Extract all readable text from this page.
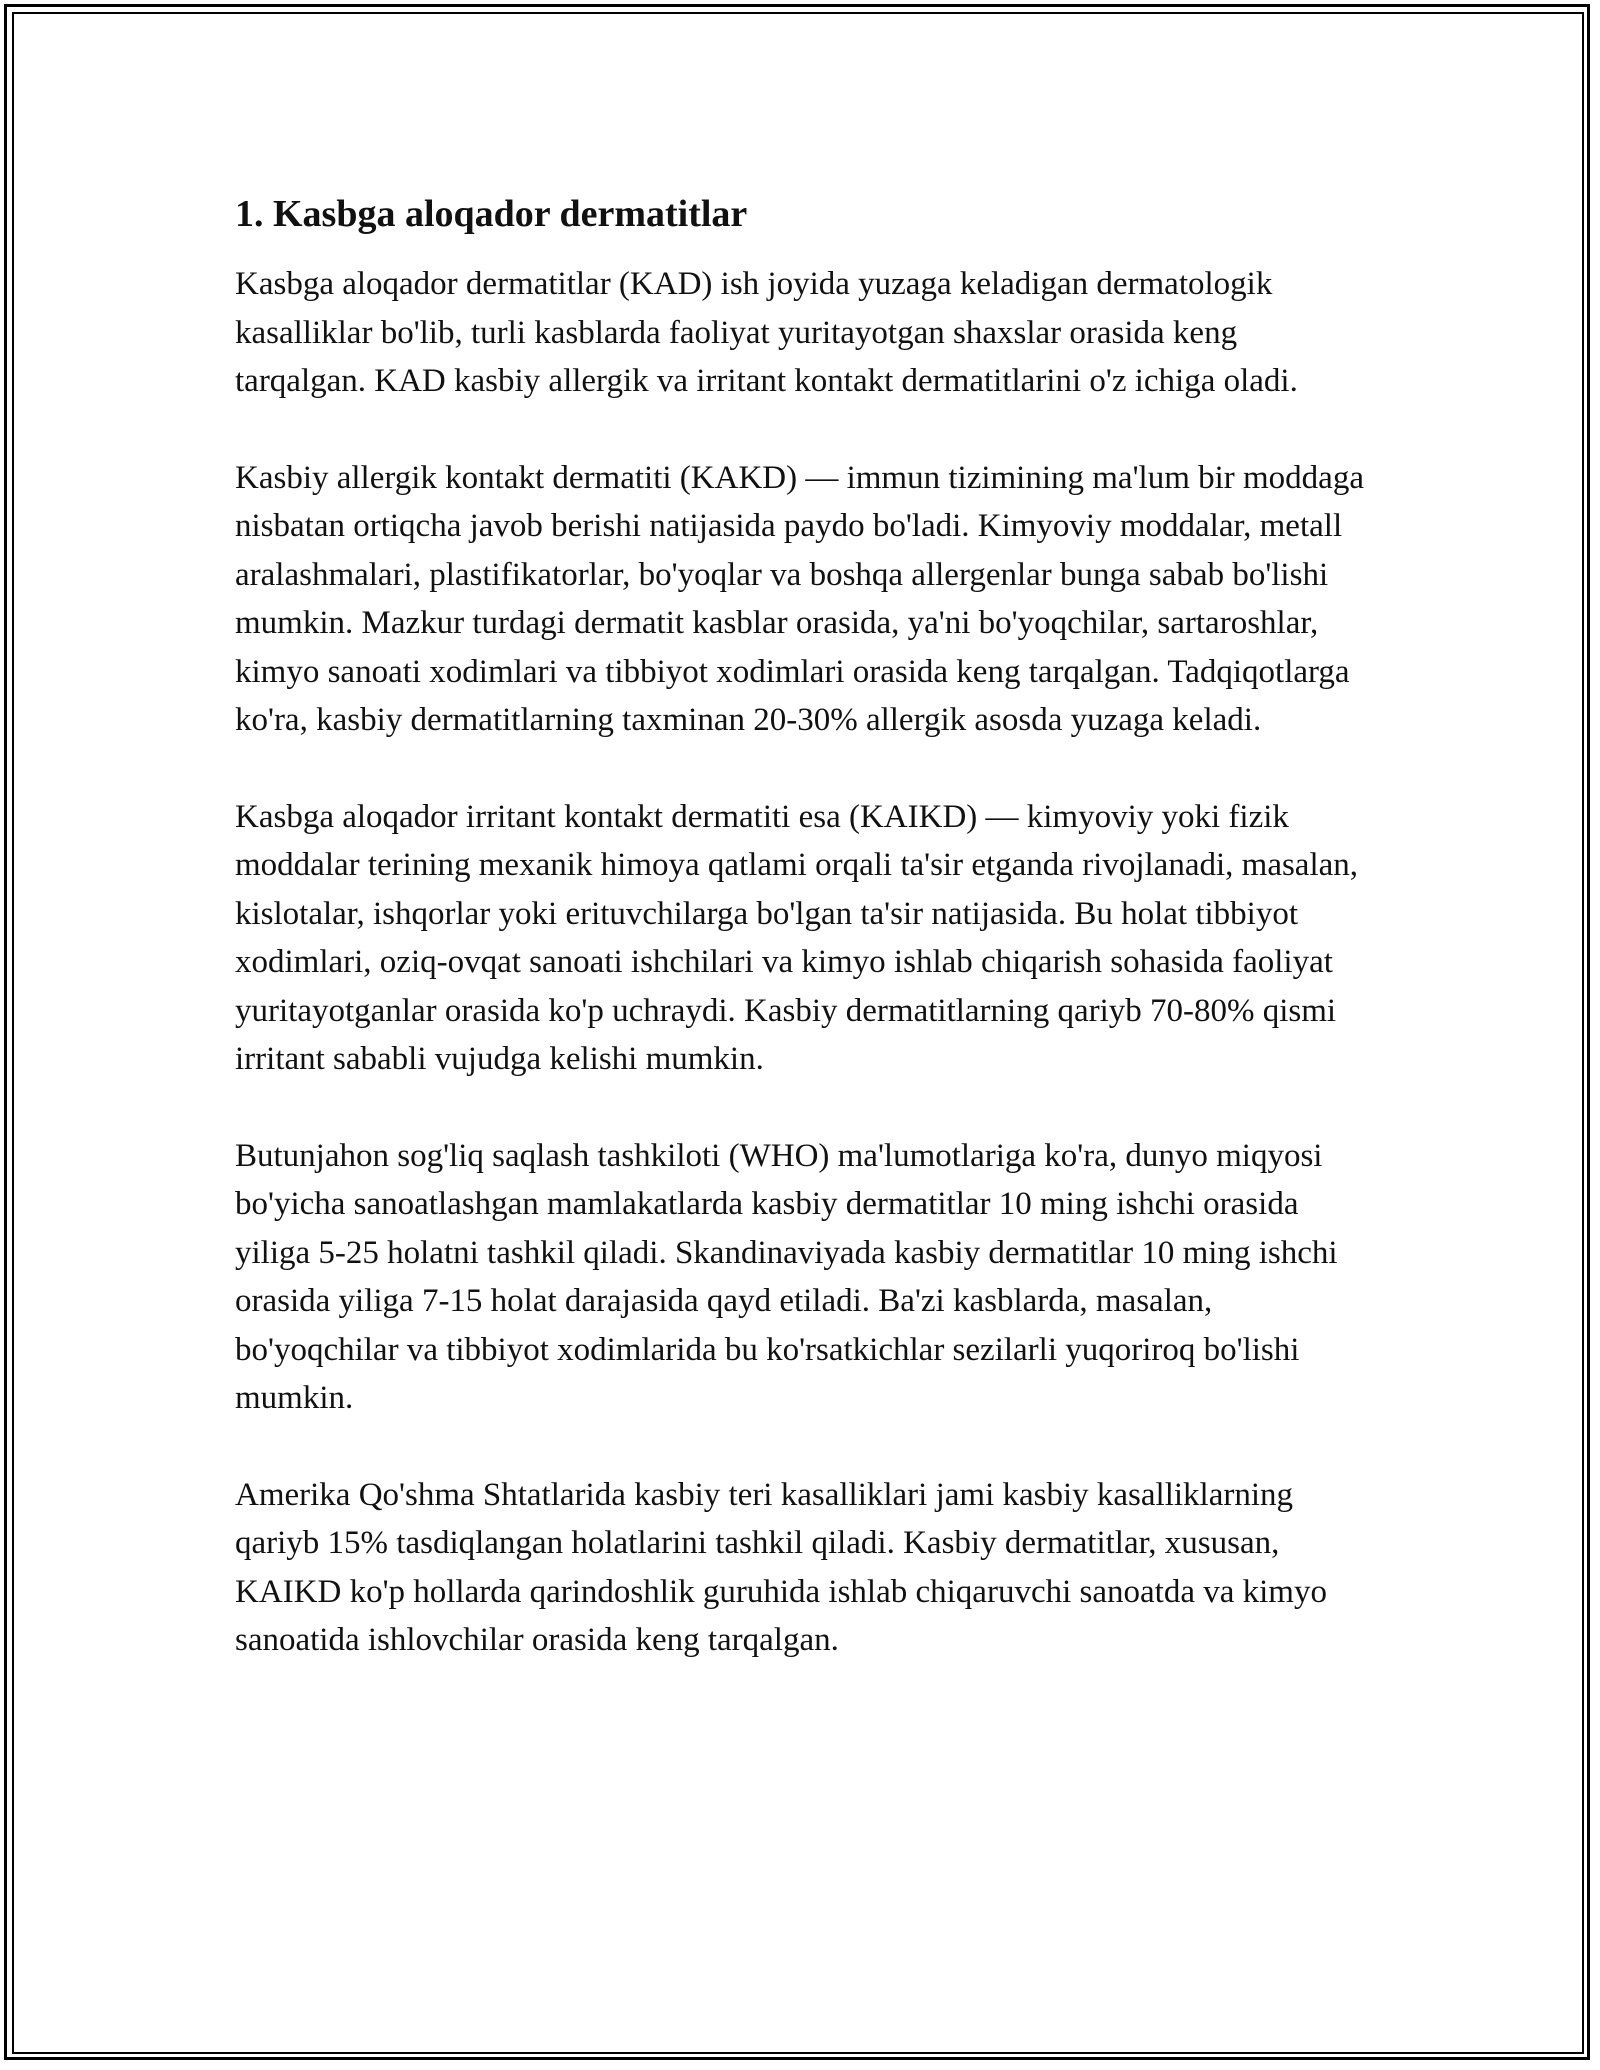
1. Kasbga aloqador dermatitlar

Kasbga aloqador dermatitlar (KAD) ish joyida yuzaga keladigan dermatologik kasalliklar bo'lib, turli kasblarda faoliyat yuritayotgan shaxslar orasida keng tarqalgan. KAD kasbiy allergik va irritant kontakt dermatitlarini o'z ichiga oladi.

Kasbiy allergik kontakt dermatiti (KAKD) — immun tizimining ma'lum bir moddaga nisbatan ortiqcha javob berishi natijasida paydo bo'ladi. Kimyoviy moddalar, metall aralashmalari, plastifikatorlar, bo'yoqlar va boshqa allergenlar bunga sabab bo'lishi mumkin. Mazkur turdagi dermatit kasblar orasida, ya'ni bo'yoqchilar, sartaroshlar, kimyo sanoati xodimlari va tibbiyot xodimlari orasida keng tarqalgan. Tadqiqotlarga ko'ra, kasbiy dermatitlarning taxminan 20-30% allergik asosda yuzaga keladi.

Kasbga aloqador irritant kontakt dermatiti esa (KAIKD) — kimyoviy yoki fizik moddalar terining mexanik himoya qatlami orqali ta'sir etganda rivojlanadi, masalan, kislotalar, ishqorlar yoki erituvchilarga bo'lgan ta'sir natijasida. Bu holat tibbiyot xodimlari, oziq-ovqat sanoati ishchilari va kimyo ishlab chiqarish sohasida faoliyat yuritayotganlar orasida ko'p uchraydi. Kasbiy dermatitlarning qariyb 70-80% qismi irritant sababli vujudga kelishi mumkin.

Butunjahon sog'liq saqlash tashkiloti (WHO) ma'lumotlariga ko'ra, dunyo miqyosi bo'yicha sanoatlashgan mamlakatlarda kasbiy dermatitlar 10 ming ishchi orasida yiliga 5-25 holatni tashkil qiladi. Skandinaviyada kasbiy dermatitlar 10 ming ishchi orasida yiliga 7-15 holat darajasida qayd etiladi. Ba'zi kasblarda, masalan, bo'yoqchilar va tibbiyot xodimlarida bu ko'rsatkichlar sezilarli yuqoriroq bo'lishi mumkin.

Amerika Qo'shma Shtatlarida kasbiy teri kasalliklari jami kasbiy kasalliklarning qariyb 15% tasdiqlangan holatlarini tashkil qiladi. Kasbiy dermatitlar, xususan, KAIKD ko'p hollarda qarindoshlik guruhida ishlab chiqaruvchi sanoatda va kimyo sanoatida ishlovchilar orasida keng tarqalgan.
